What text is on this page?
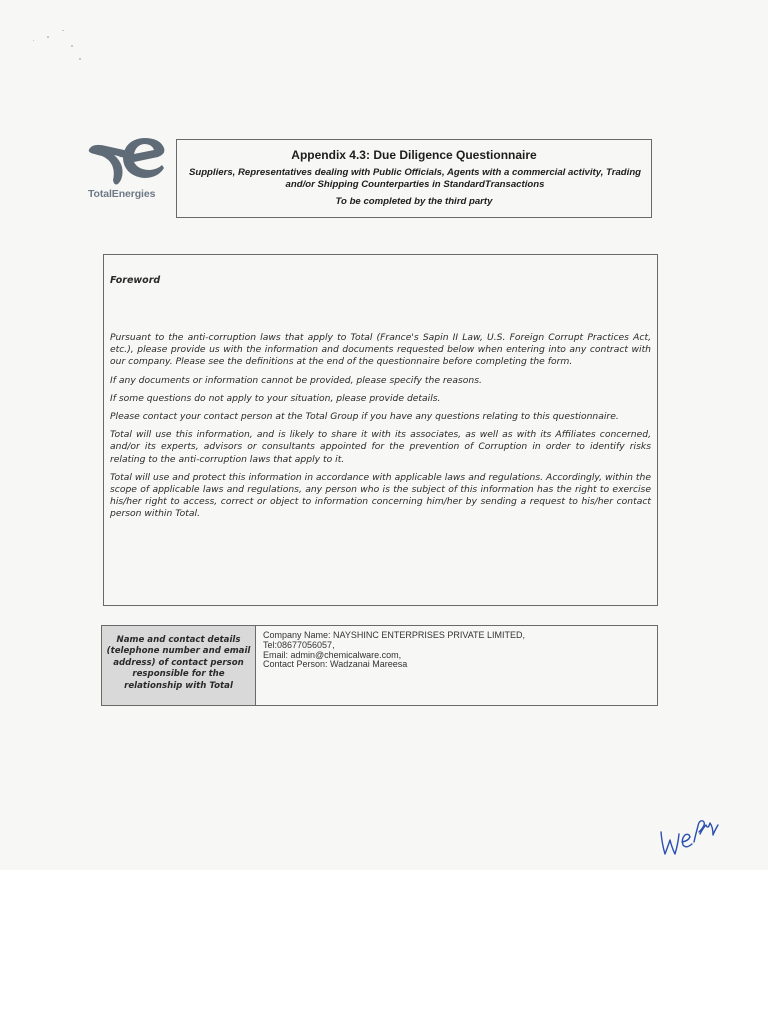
TotalEnergies
Appendix 4.3: Due Diligence Questionnaire
Suppliers, Representatives dealing with Public Officials, Agents with a commercial activity, Trading and/or Shipping Counterparties in StandardTransactions
To be completed by the third party
Foreword

Pursuant to the anti-corruption laws that apply to Total (France's Sapin II Law, U.S. Foreign Corrupt Practices Act, etc.), please provide us with the information and documents requested below when entering into any contract with our company. Please see the definitions at the end of the questionnaire before completing the form.

If any documents or information cannot be provided, please specify the reasons.

If some questions do not apply to your situation, please provide details.

Please contact your contact person at the Total Group if you have any questions relating to this questionnaire.

Total will use this information, and is likely to share it with its associates, as well as with its Affiliates concerned, and/or its experts, advisors or consultants appointed for the prevention of Corruption in order to identify risks relating to the anti-corruption laws that apply to it.

Total will use and protect this information in accordance with applicable laws and regulations. Accordingly, within the scope of applicable laws and regulations, any person who is the subject of this information has the right to exercise his/her right to access, correct or object to information concerning him/her by sending a request to his/her contact person within Total.

Name and contact details (telephone number and email address) of contact person responsible for the relationship with Total
Company Name: NAYSHINC ENTERPRISES PRIVATE LIMITED,
Tel:08677056057,
Email: admin@chemicalware.com,
Contact Person: Wadzanai Mareesa
